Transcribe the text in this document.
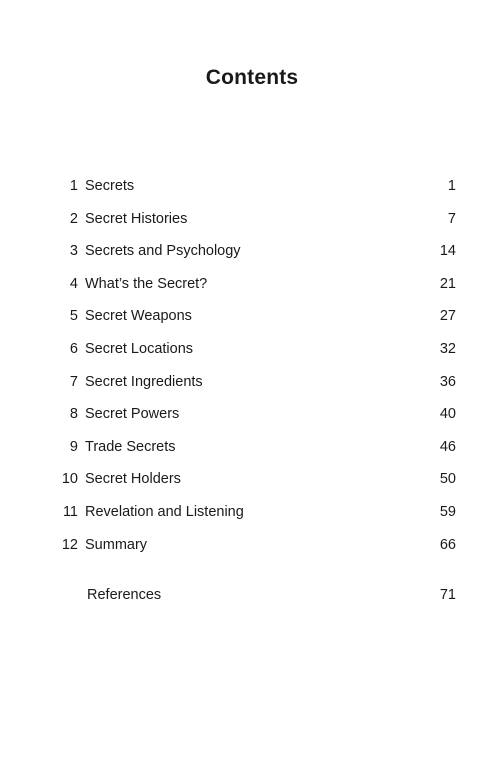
Contents
1 Secrets	1
2 Secret Histories	7
3 Secrets and Psychology	14
4 What’s the Secret?	21
5 Secret Weapons	27
6 Secret Locations	32
7 Secret Ingredients	36
8 Secret Powers	40
9 Trade Secrets	46
10 Secret Holders	50
11 Revelation and Listening	59
12 Summary	66
References	71
